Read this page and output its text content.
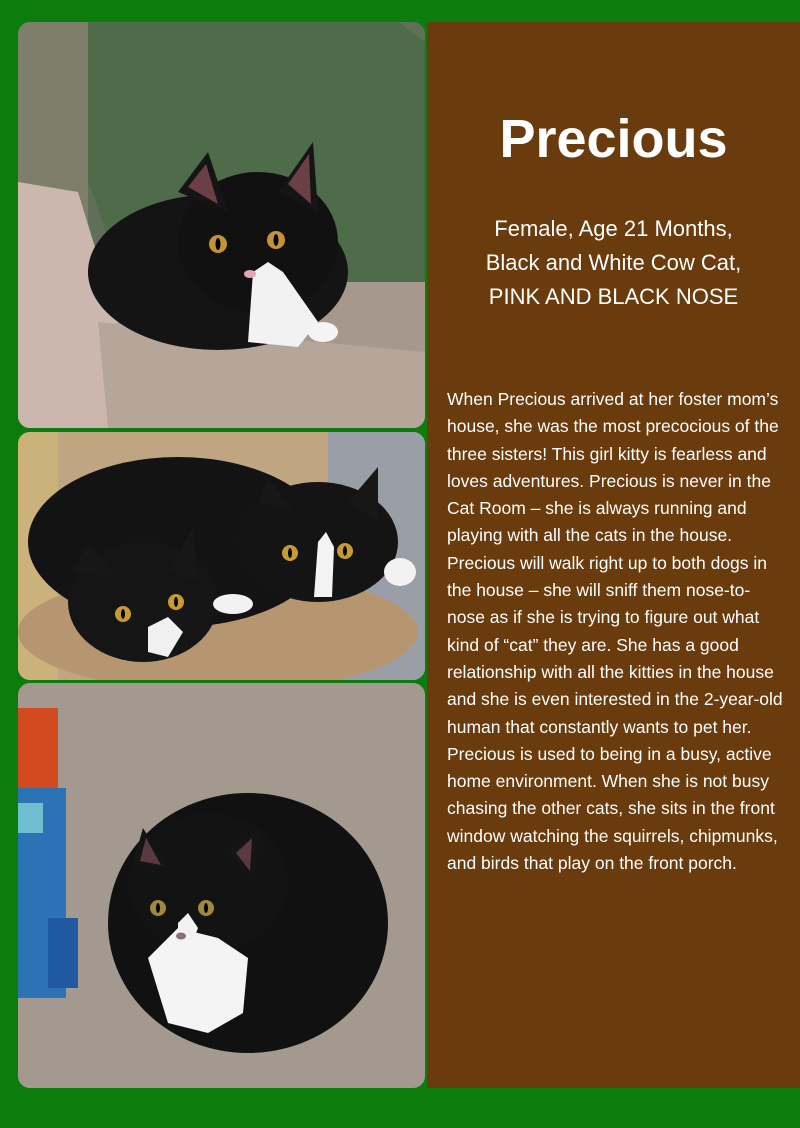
Precious
Female, Age 21 Months,
Black and White Cow Cat,
PINK AND BLACK NOSE

When Precious arrived at her foster mom’s house, she was the most precocious of the three sisters! This girl kitty is fearless and loves adventures. Precious is never in the Cat Room – she is always running and playing with all the cats in the house. Precious will walk right up to both dogs in the house – she will sniff them nose-to-nose as if she is trying to figure out what kind of “cat” they are. She has a good relationship with all the kitties in the house and she is even interested in the 2-year-old human that constantly wants to pet her. Precious is used to being in a busy, active home environment. When she is not busy chasing the other cats, she sits in the front window watching the squirrels, chipmunks, and birds that play on the front porch.
